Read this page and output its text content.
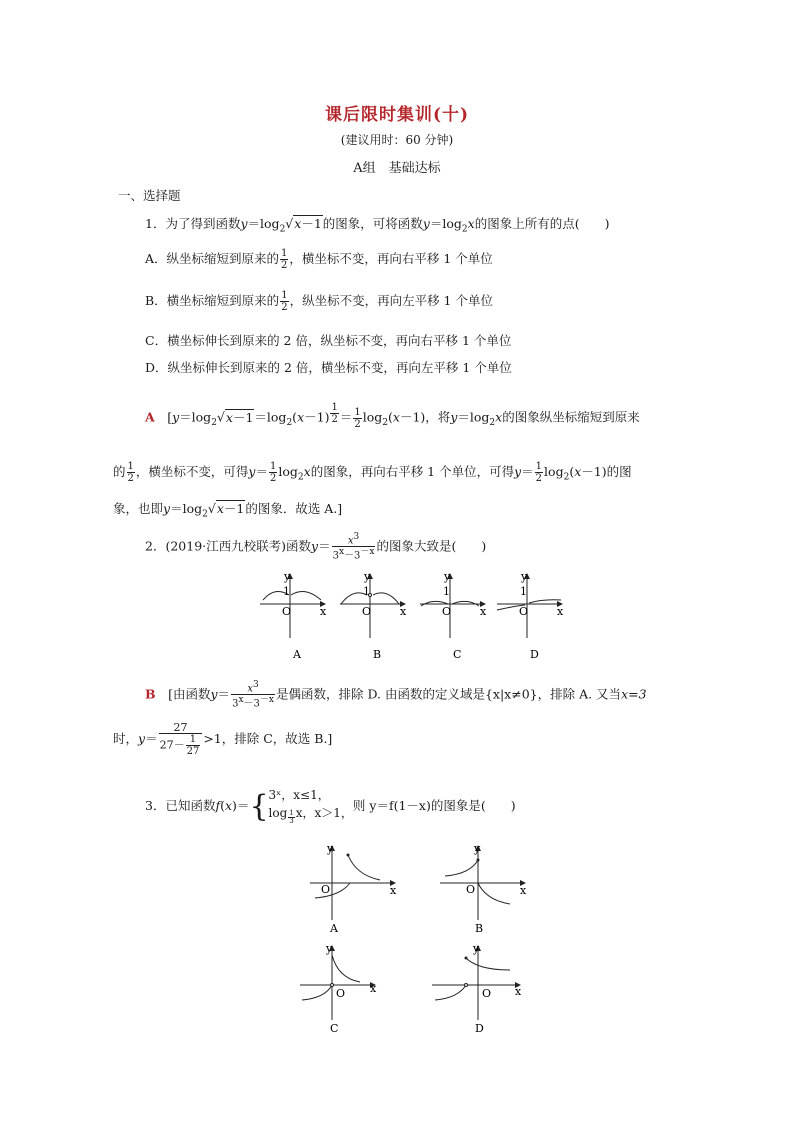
课后限时集训(十)
(建议用时：60 分钟)
A组　基础达标
一、选择题
1．为了得到函数$y=\log_2√x-1$的图象，可将函数$y=\log_2x$的图象上所有的点(　　)
A．纵坐标缩短到原来的 $\frac{1}{2}$ ，横坐标不变，再向右平移 1 个单位
B．横坐标缩短到原来的 $\frac{1}{2}$ ，纵坐标不变，再向左平移 1 个单位
C．横坐标伸长到原来的 2 倍，纵坐标不变，再向右平移 1 个单位
D．纵坐标伸长到原来的 2 倍，横坐标不变，再向左平移 1 个单位
A　[$y=\log_2√x-1=\log_2(x-1) ^{\frac{1}{2}} = \frac{1}{2} \log_2(x-1)$，将$y=\log_2x$的图象纵坐标缩短到原来
的 $\frac{1}{2}$ ，横坐标不变，可得$y= \frac{1}{2} \log_2x$的图象，再向右平移 1 个单位，可得$y= \frac{1}{2} \log_2(x-1)$的图
象，也即$y=\log_2√x-1$的图象．故选 A.]
2．(2019·江西九校联考)函数$y= \frac{x^3}{3^x-3^{-x}}$ 的图象大致是(　　)
y
1
O	x
A
y
1
O	x
B
y
1
O	x
C
y
1
O	x
D
B　 [由函数$y= \frac{x^3}{3^x-3^{-x}}$ 是偶函数，排除 D. 由函数的定义域是{x|x≠0}，排除 A. 又当x=3
时，$y= \frac{27}{27- \frac{1}{27}} >1$，排除 C，故选 B.]
3．已知函数f(x)＝{3ˣ，x≤1，
log $_{\frac{1}{3}}$ x，x＞1，则 y＝f(1－x)的图象是(　　)
y
O	x
A
y
O	x
B
y
O x
C
y
O x
D
